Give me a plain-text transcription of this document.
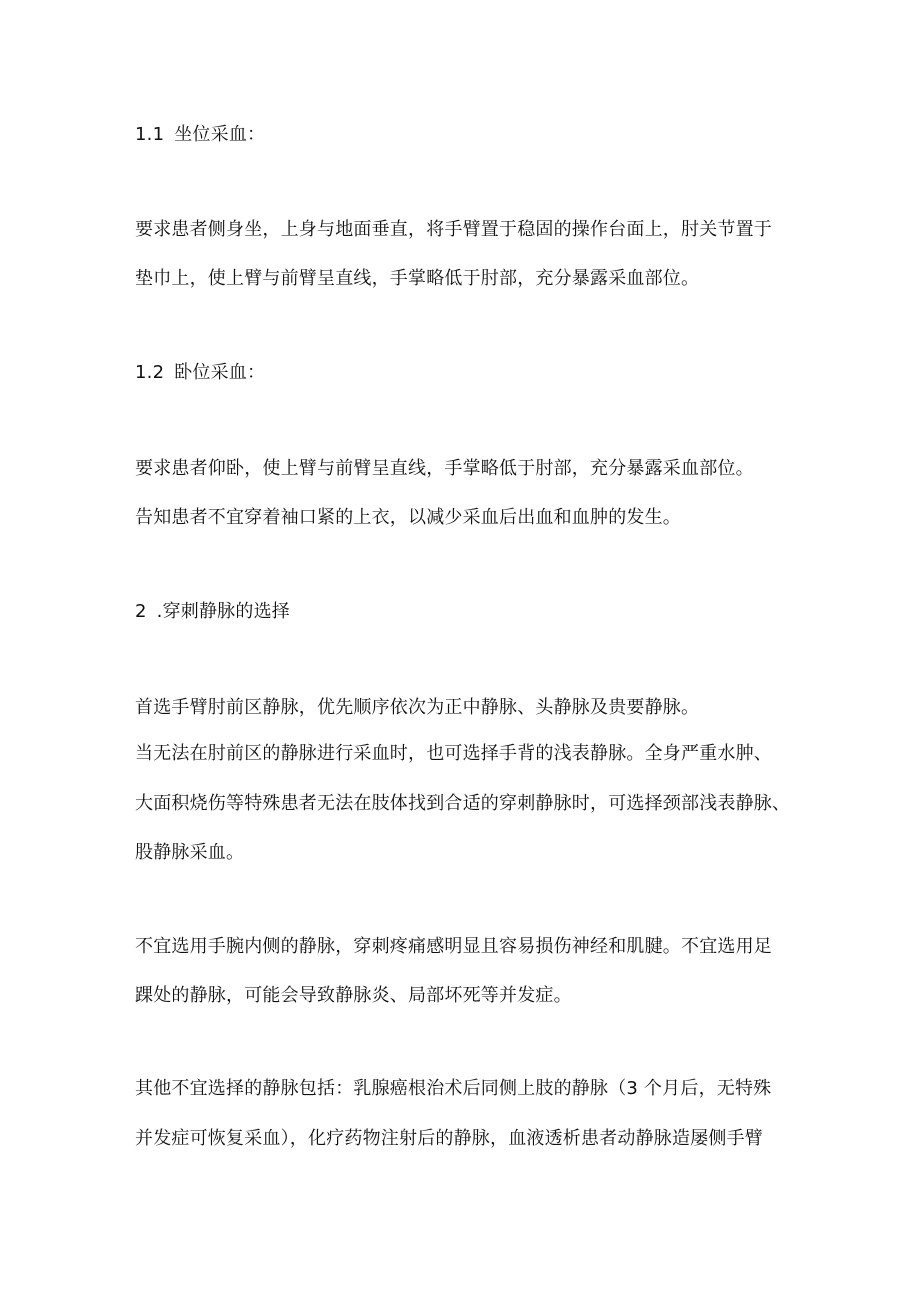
1.1 坐位采血：
要求患者侧身坐，上身与地面垂直，将手臂置于稳固的操作台面上，肘关节置于
垫巾上，使上臂与前臂呈直线，手掌略低于肘部，充分暴露采血部位。
1.2 卧位采血：
要求患者仰卧，使上臂与前臂呈直线，手掌略低于肘部，充分暴露采血部位。
告知患者不宜穿着袖口紧的上衣，以减少采血后出血和血肿的发生。
2 .穿刺静脉的选择
首选手臂肘前区静脉，优先顺序依次为正中静脉、头静脉及贵要静脉。
当无法在肘前区的静脉进行采血时，也可选择手背的浅表静脉。全身严重水肿、
大面积烧伤等特殊患者无法在肢体找到合适的穿刺静脉时，可选择颈部浅表静脉、
股静脉采血。
不宜选用手腕内侧的静脉，穿刺疼痛感明显且容易损伤神经和肌腱。不宜选用足
踝处的静脉，可能会导致静脉炎、局部坏死等并发症。
其他不宜选择的静脉包括：乳腺癌根治术后同侧上肢的静脉（3 个月后，无特殊
并发症可恢复采血），化疗药物注射后的静脉，血液透析患者动静脉造屡侧手臂
